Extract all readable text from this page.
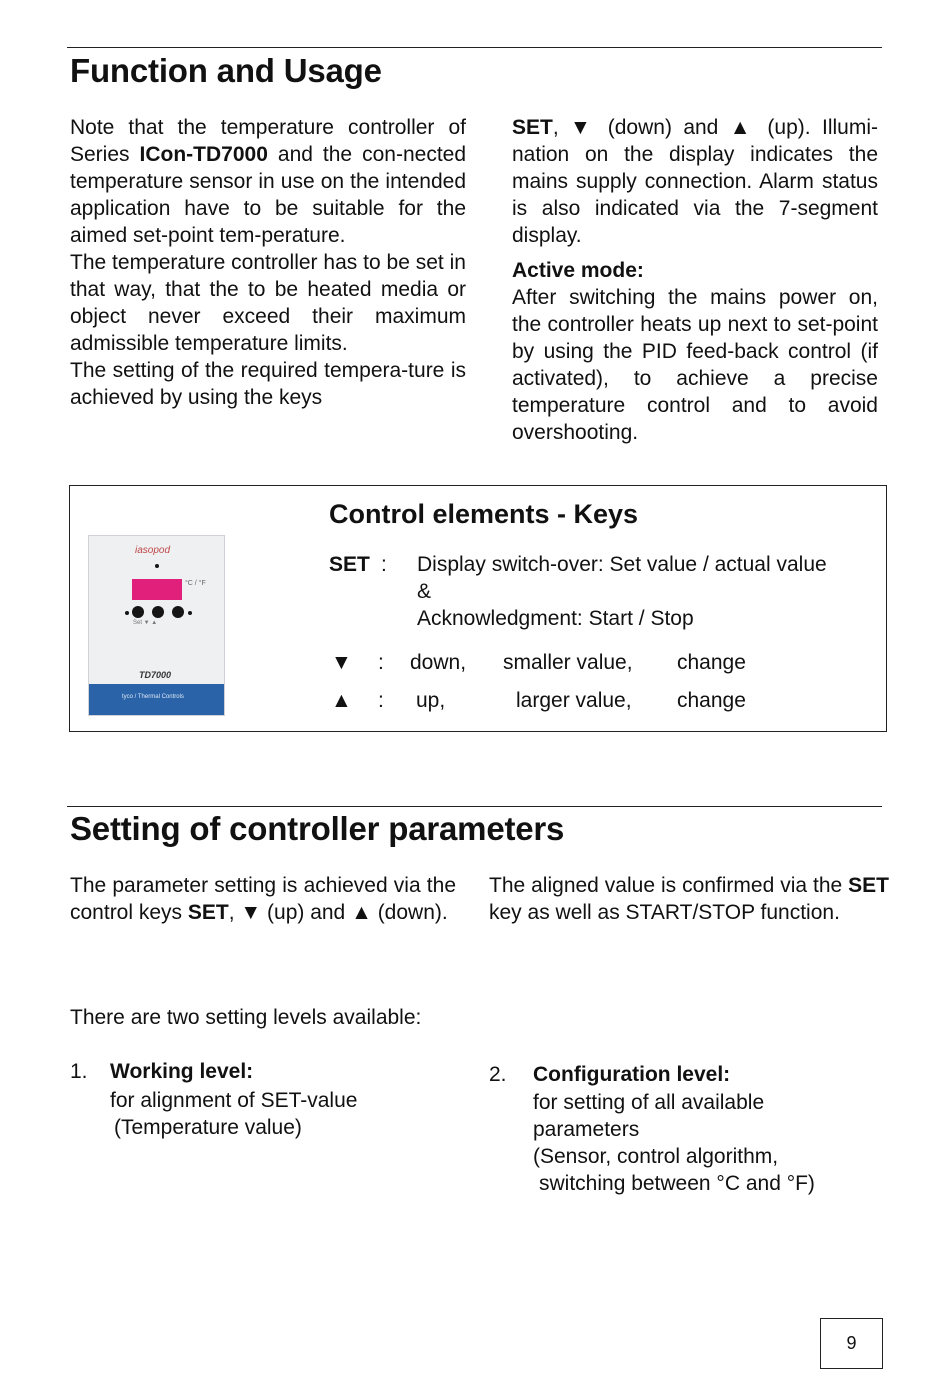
Function and Usage

Note that the temperature controller of Series ICon-TD7000 and the con-nected temperature sensor in use on the intended application have to be suitable for the aimed set-point tem-perature.

The temperature controller has to be set in that way, that the to be heated media or object never exceed their maximum admissible temperature limits.

The setting of the required tempera-ture is achieved by using the keys

SET, ▼ (down) and ▲ (up). Illumi-nation on the display indicates the mains supply connection. Alarm status is also indicated via the 7-segment display.

Active mode:

After switching the mains power on, the controller heats up next to set-point by using the PID feed-back control (if activated), to achieve a precise temperature control and to avoid overshooting.

iasopod
°C / °F
Set ▼ ▲
TD7000
tyco / Thermal Controls
Control elements - Keys
SET : Display switch-over: Set value / actual value
&
Acknowledgment: Start / Stop
▼ : down, smaller value, change
▲ : up,	larger value, change
Setting of controller parameters

The parameter setting is achieved via the control keys SET, ▼ (up) and ▲ (down).

The aligned value is confirmed via the SET key as well as START/STOP function.

There are two setting levels available:
1. Working level:
for alignment of SET-value
(Temperature value)
2. Configuration level:
for setting of all available
parameters
(Sensor, control algorithm,
switching between °C and °F)
9
